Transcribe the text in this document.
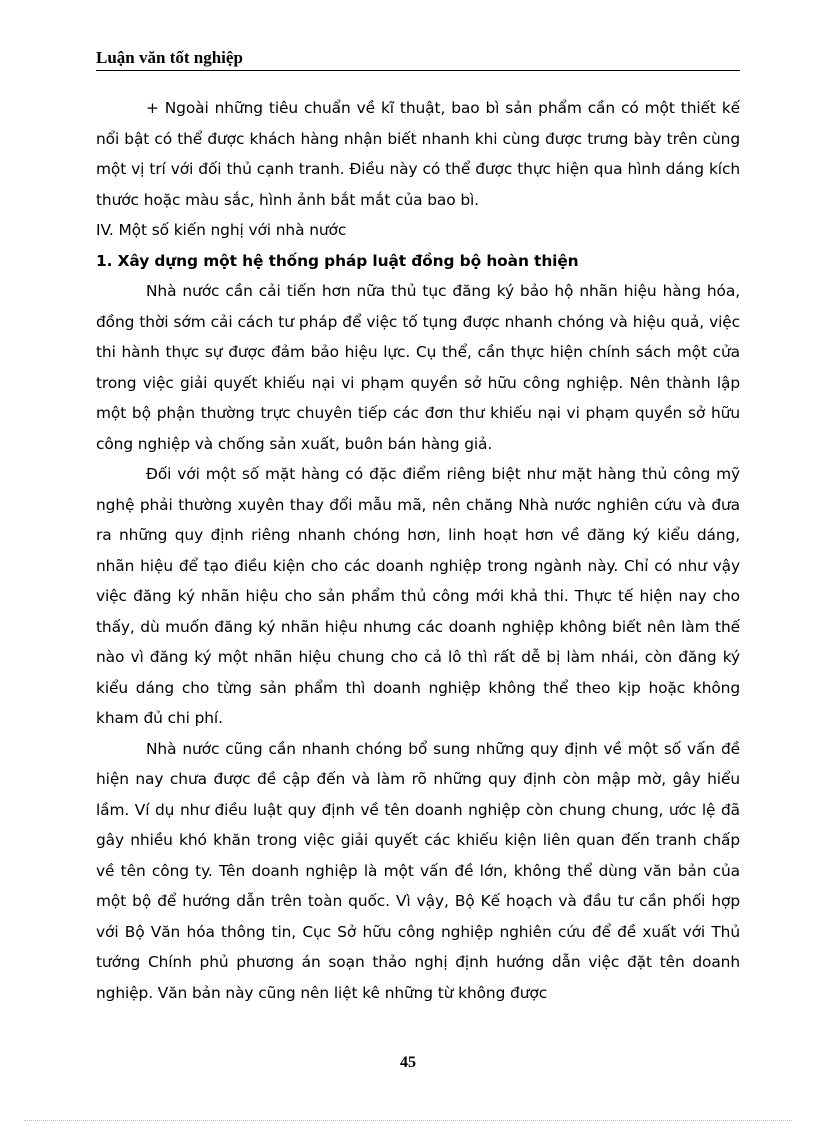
Luận văn tốt nghiệp

+ Ngoài những tiêu chuẩn về kĩ thuật, bao bì sản phẩm cần có một thiết kế nổi bật có thể được khách hàng nhận biết nhanh khi cùng được trưng bày trên cùng một vị trí với đối thủ cạnh tranh. Điều này có thể được thực hiện qua hình dáng kích thước hoặc màu sắc, hình ảnh bắt mắt của bao bì.

IV. Một số kiến nghị với nhà nước

1. Xây dựng một hệ thống pháp luật đồng bộ hoàn thiện

Nhà nước cần cải tiến hơn nữa thủ tục đăng ký bảo hộ nhãn hiệu hàng hóa, đồng thời sớm cải cách tư pháp để việc tố tụng được nhanh chóng và hiệu quả, việc thi hành thực sự được đảm bảo hiệu lực. Cụ thể, cần thực hiện chính sách một cửa trong việc giải quyết khiếu nại vi phạm quyền sở hữu công nghiệp. Nên thành lập một bộ phận thường trực chuyên tiếp các đơn thư khiếu nại vi phạm quyền sở hữu công nghiệp và chống sản xuất, buôn bán hàng giả.

Đối với một số mặt hàng có đặc điểm riêng biệt như mặt hàng thủ công mỹ nghệ phải thường xuyên thay đổi mẫu mã, nên chăng Nhà nước nghiên cứu và đưa ra những quy định riêng nhanh chóng hơn, linh hoạt hơn về đăng ký kiểu dáng, nhãn hiệu để tạo điều kiện cho các doanh nghiệp trong ngành này. Chỉ có như vậy việc đăng ký nhãn hiệu cho sản phẩm thủ công mới khả thi. Thực tế hiện nay cho thấy, dù muốn đăng ký nhãn hiệu nhưng các doanh nghiệp không biết nên làm thế nào vì đăng ký một nhãn hiệu chung cho cả lô thì rất dễ bị làm nhái, còn đăng ký kiểu dáng cho từng sản phẩm thì doanh nghiệp không thể theo kịp hoặc không kham đủ chi phí.

Nhà nước cũng cần nhanh chóng bổ sung những quy định về một số vấn đề hiện nay chưa được đề cập đến và làm rõ những quy định còn mập mờ, gây hiểu lầm. Ví dụ như điều luật quy định về tên doanh nghiệp còn chung chung, ước lệ đã gây nhiều khó khăn trong việc giải quyết các khiếu kiện liên quan đến tranh chấp về tên công ty. Tên doanh nghiệp là một vấn đề lớn, không thể dùng văn bản của một bộ để hướng dẫn trên toàn quốc. Vì vậy, Bộ Kế hoạch và đầu tư cần phối hợp với Bộ Văn hóa thông tin, Cục Sở hữu công nghiệp nghiên cứu để đề xuất với Thủ tướng Chính phủ phương án soạn thảo nghị định hướng dẫn việc đặt tên doanh nghiệp. Văn bản này cũng nên liệt kê những từ không được

45
